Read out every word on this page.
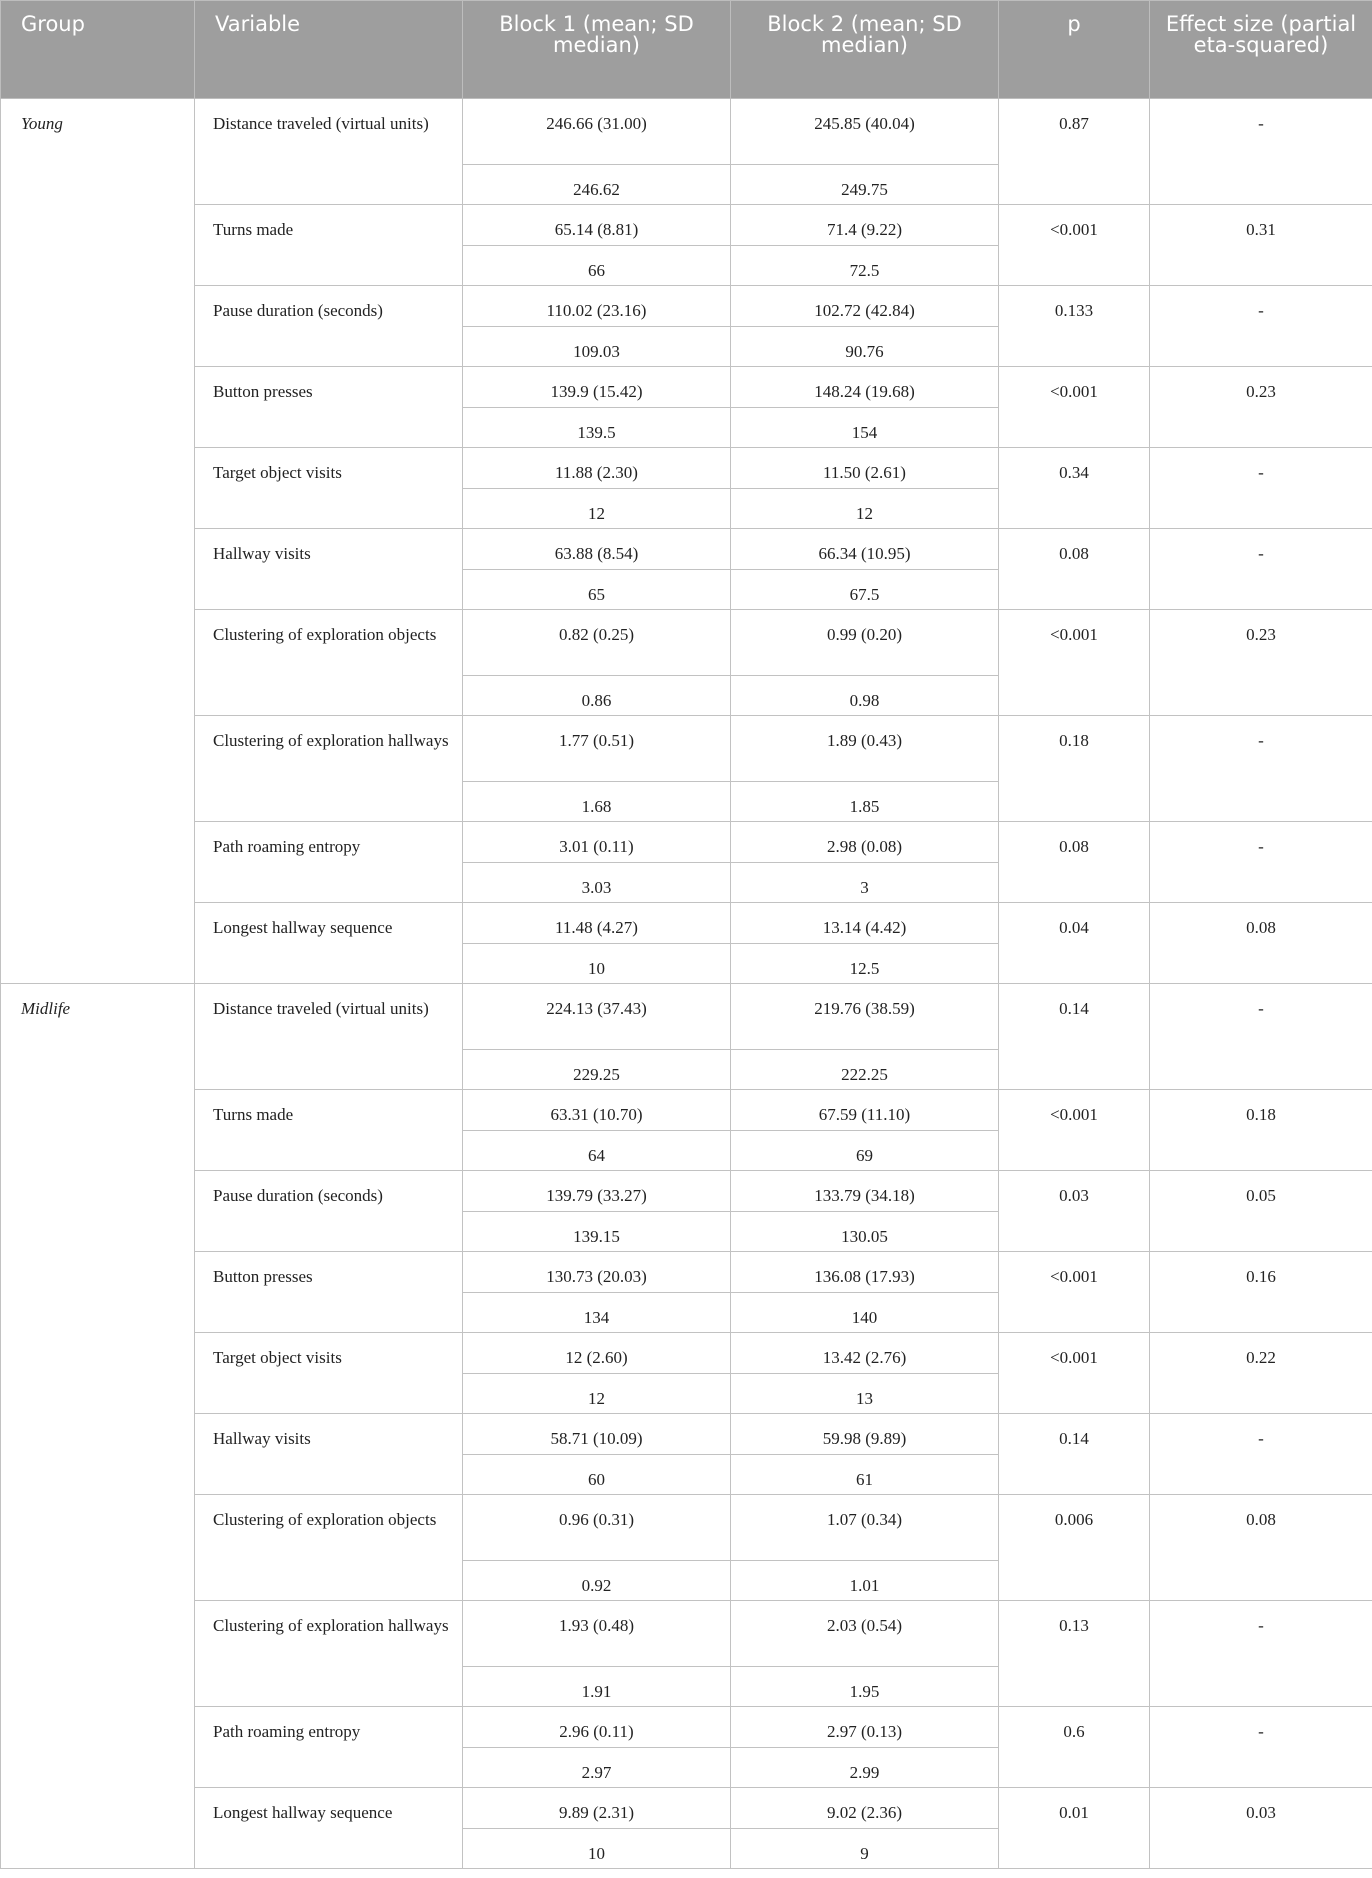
Group	Variable	Block 1 (mean; SD median)	Block 2 (mean; SD median)	p	Effect size (partial eta-squared)
Young	Distance traveled (virtual units)	246.66 (31.00)	245.85 (40.04)	0.87	-
		246.62	249.75		
	Turns made	65.14 (8.81)	71.4 (9.22)	<0.001	0.31
		66	72.5		
	Pause duration (seconds)	110.02 (23.16)	102.72 (42.84)	0.133	-
		109.03	90.76		
	Button presses	139.9 (15.42)	148.24 (19.68)	<0.001	0.23
		139.5	154		
	Target object visits	11.88 (2.30)	11.50 (2.61)	0.34	-
		12	12		
	Hallway visits	63.88 (8.54)	66.34 (10.95)	0.08	-
		65	67.5		
	Clustering of exploration objects	0.82 (0.25)	0.99 (0.20)	<0.001	0.23
		0.86	0.98		
	Clustering of exploration hallways	1.77 (0.51)	1.89 (0.43)	0.18	-
		1.68	1.85		
	Path roaming entropy	3.01 (0.11)	2.98 (0.08)	0.08	-
		3.03	3		
	Longest hallway sequence	11.48 (4.27)	13.14 (4.42)	0.04	0.08
		10	12.5		
Midlife	Distance traveled (virtual units)	224.13 (37.43)	219.76 (38.59)	0.14	-
		229.25	222.25		
	Turns made	63.31 (10.70)	67.59 (11.10)	<0.001	0.18
		64	69		
	Pause duration (seconds)	139.79 (33.27)	133.79 (34.18)	0.03	0.05
		139.15	130.05		
	Button presses	130.73 (20.03)	136.08 (17.93)	<0.001	0.16
		134	140		
	Target object visits	12 (2.60)	13.42 (2.76)	<0.001	0.22
		12	13		
	Hallway visits	58.71 (10.09)	59.98 (9.89)	0.14	-
		60	61		
	Clustering of exploration objects	0.96 (0.31)	1.07 (0.34)	0.006	0.08
		0.92	1.01		
	Clustering of exploration hallways	1.93 (0.48)	2.03 (0.54)	0.13	-
		1.91	1.95		
	Path roaming entropy	2.96 (0.11)	2.97 (0.13)	0.6	-
		2.97	2.99		
	Longest hallway sequence	9.89 (2.31)	9.02 (2.36)	0.01	0.03
		10	9		
